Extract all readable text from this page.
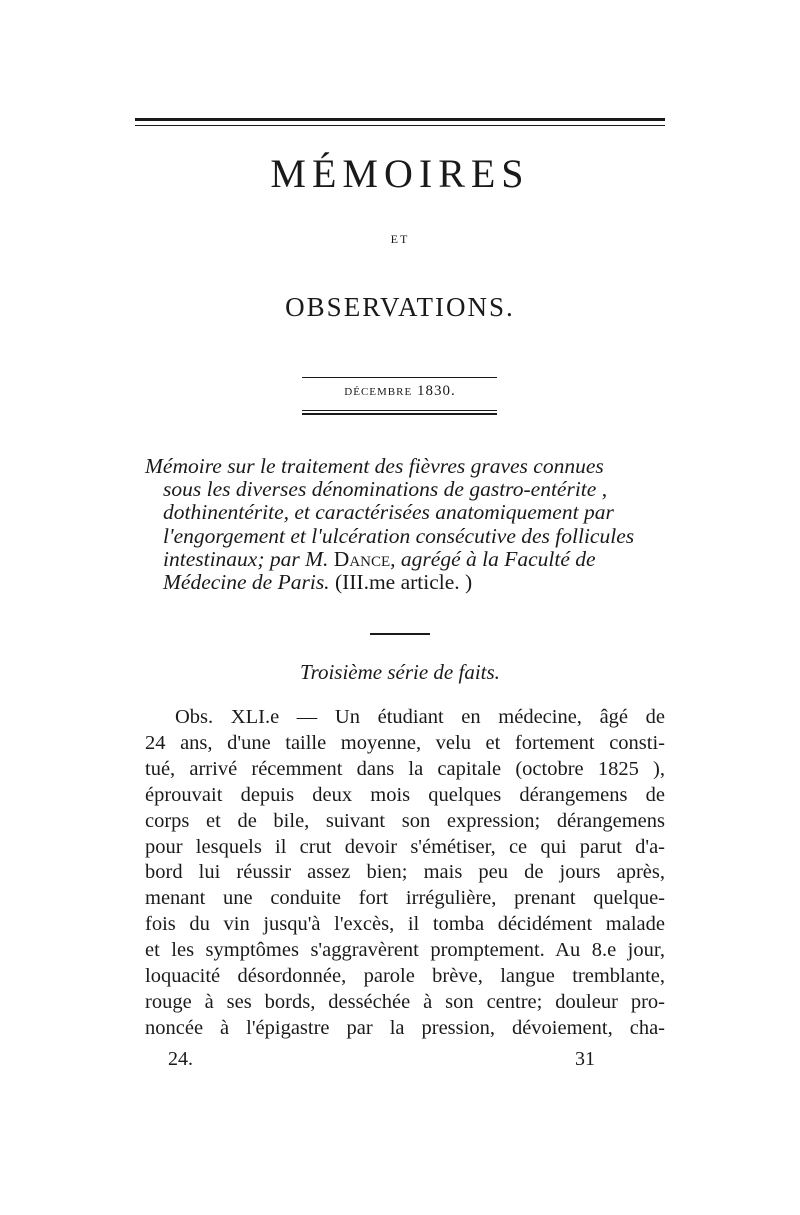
MÉMOIRES
ET
OBSERVATIONS.
DÉCEMBRE 1830.
Mémoire sur le traitement des fièvres graves connues
sous les diverses dénominations de gastro-entérite ,
dothinentérite, et caractérisées anatomiquement par
l'engorgement et l'ulcération consécutive des follicules
intestinaux; par M. Dance, agrégé à la Faculté de
Médecine de Paris. (III.me article. )
Troisième série de faits.
Obs. XLI.e — Un étudiant en médecine, âgé de
24 ans, d'une taille moyenne, velu et fortement consti-
tué, arrivé récemment dans la capitale (octobre 1825 ),
éprouvait depuis deux mois quelques dérangemens de
corps et de bile, suivant son expression; dérangemens
pour lesquels il crut devoir s'émétiser, ce qui parut d'a-
bord lui réussir assez bien; mais peu de jours après,
menant une conduite fort irrégulière, prenant quelque-
fois du vin jusqu'à l'excès, il tomba décidément malade
et les symptômes s'aggravèrent promptement. Au 8.e jour,
loquacité désordonnée, parole brève, langue tremblante,
rouge à ses bords, desséchée à son centre; douleur pro-
noncée à l'épigastre par la pression, dévoiement, cha-
24.	31
